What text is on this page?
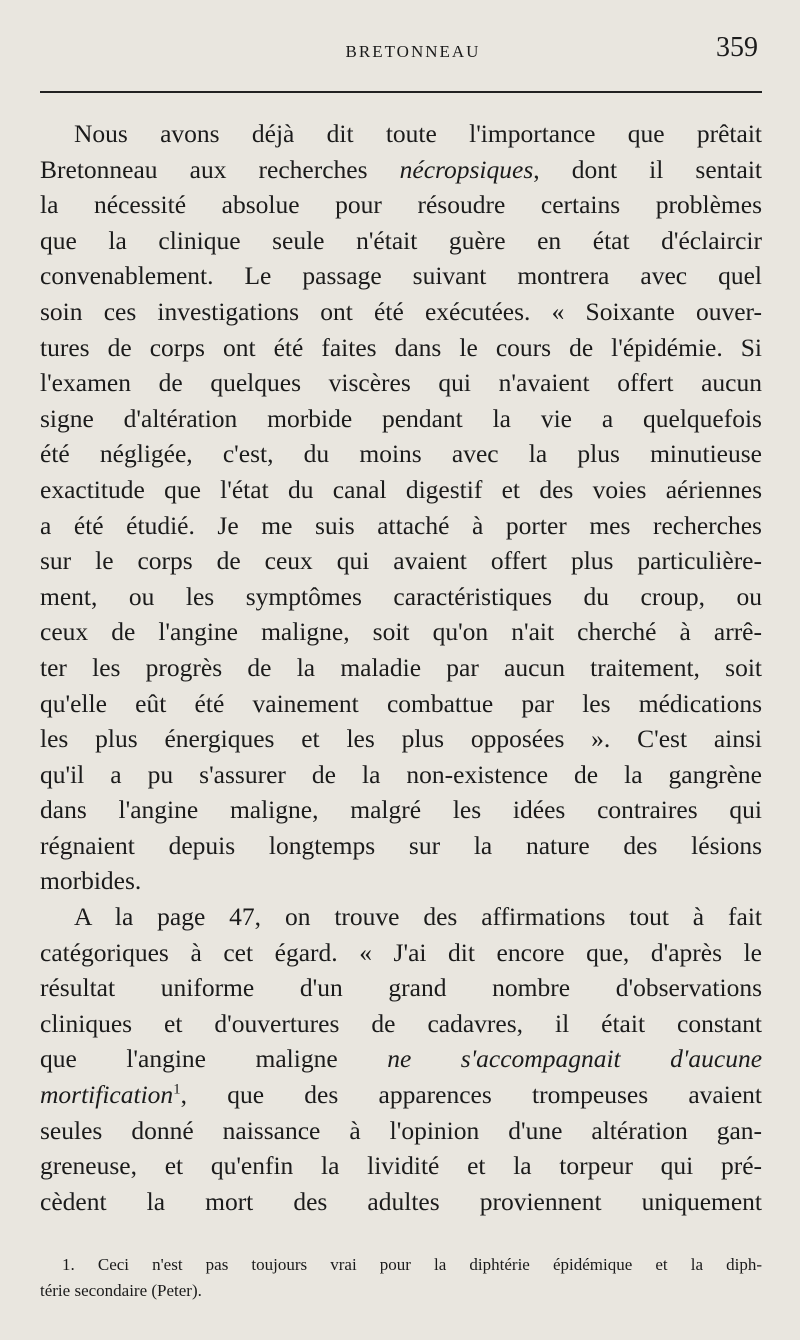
BRETONNEAU	359
Nous avons déjà dit toute l'importance que prêtait
Bretonneau aux recherches nécropsiques, dont il sentait
la nécessité absolue pour résoudre certains problèmes
que la clinique seule n'était guère en état d'éclaircir
convenablement. Le passage suivant montrera avec quel
soin ces investigations ont été exécutées. « Soixante ouver-
tures de corps ont été faites dans le cours de l'épidémie. Si
l'examen de quelques viscères qui n'avaient offert aucun
signe d'altération morbide pendant la vie a quelquefois
été négligée, c'est, du moins avec la plus minutieuse
exactitude que l'état du canal digestif et des voies aériennes
a été étudié. Je me suis attaché à porter mes recherches
sur le corps de ceux qui avaient offert plus particulière-
ment, ou les symptômes caractéristiques du croup, ou
ceux de l'angine maligne, soit qu'on n'ait cherché à arrê-
ter les progrès de la maladie par aucun traitement, soit
qu'elle eût été vainement combattue par les médications
les plus énergiques et les plus opposées ». C'est ainsi
qu'il a pu s'assurer de la non-existence de la gangrène
dans l'angine maligne, malgré les idées contraires qui
régnaient depuis longtemps sur la nature des lésions
morbides.
A la page 47, on trouve des affirmations tout à fait
catégoriques à cet égard. « J'ai dit encore que, d'après le
résultat uniforme d'un grand nombre d'observations
cliniques et d'ouvertures de cadavres, il était constant
que l'angine maligne ne s'accompagnait d'aucune
mortification$^1$, que des apparences trompeuses avaient
seules donné naissance à l'opinion d'une altération gan-
greneuse, et qu'enfin la lividité et la torpeur qui pré-
cèdent la mort des adultes proviennent uniquement
1. Ceci n'est pas toujours vrai pour la diphtérie épidémique et la diph-
térie secondaire (Peter).
